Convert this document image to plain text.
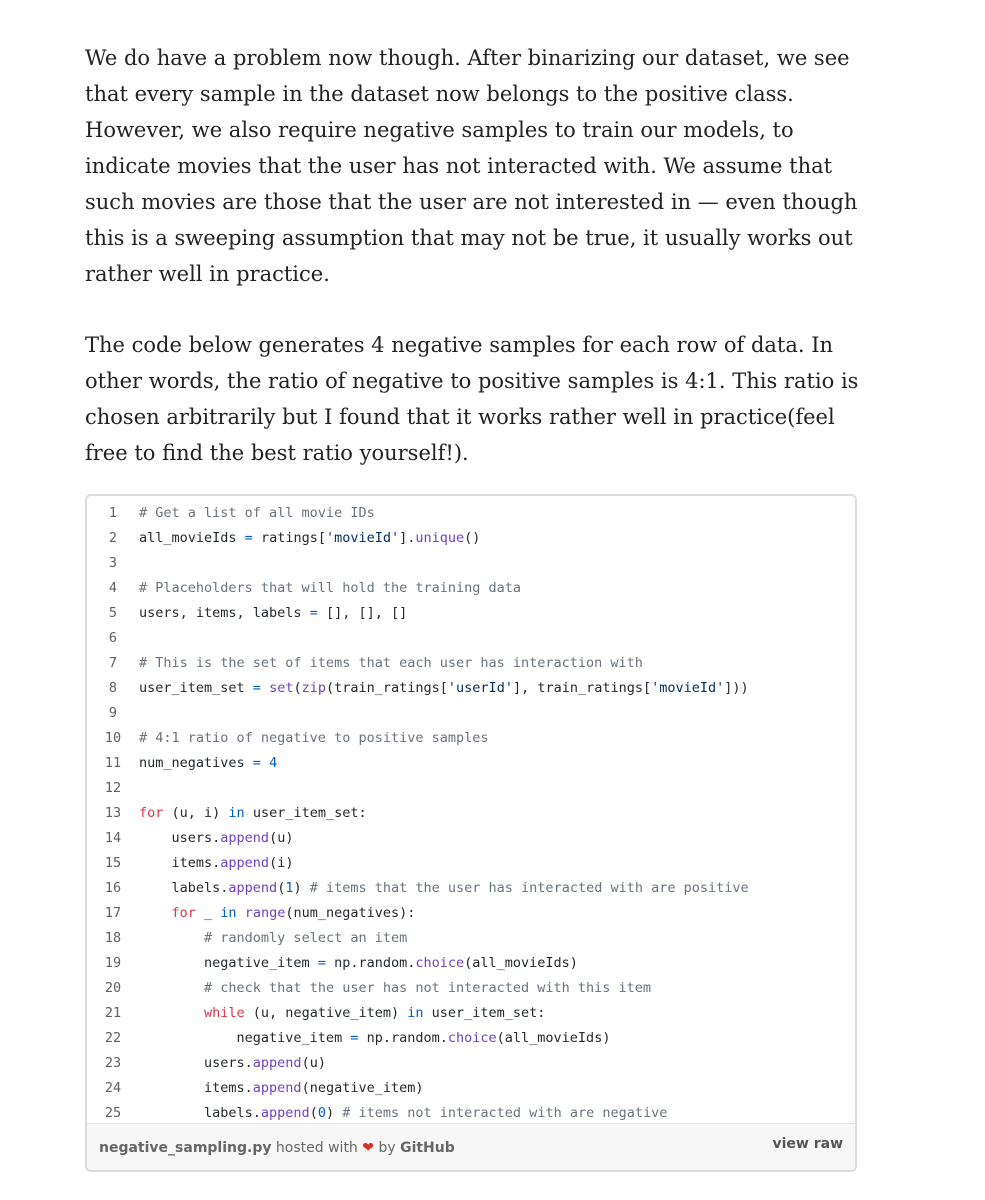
We do have a problem now though. After binarizing our dataset, we see that every sample in the dataset now belongs to the positive class. However, we also require negative samples to train our models, to indicate movies that the user has not interacted with. We assume that such movies are those that the user are not interested in — even though this is a sweeping assumption that may not be true, it usually works out rather well in practice.

The code below generates 4 negative samples for each row of data. In other words, the ratio of negative to positive samples is 4:1. This ratio is chosen arbitrarily but I found that it works rather well in practice(feel free to find the best ratio yourself!).

1	# Get a list of all movie IDs
2	all_movieIds = ratings['movieId'].unique()
3	
4	# Placeholders that will hold the training data
5	users, items, labels = [], [], []
6	
7	# This is the set of items that each user has interaction with
8	user_item_set = set(zip(train_ratings['userId'], train_ratings['movieId']))
9	
10	# 4:1 ratio of negative to positive samples
11	num_negatives = 4
12	
13	for (u, i) in user_item_set:
14	users.append(u)
15	items.append(i)
16	labels.append(1) # items that the user has interacted with are positive
17	for _ in range(num_negatives):
18	# randomly select an item
19	negative_item = np.random.choice(all_movieIds)
20	# check that the user has not interacted with this item
21	while (u, negative_item) in user_item_set:
22	negative_item = np.random.choice(all_movieIds)
23	users.append(u)
24	items.append(negative_item)
25	labels.append(0) # items not interacted with are negative
negative_sampling.py hosted with ❤ by GitHub	view raw
